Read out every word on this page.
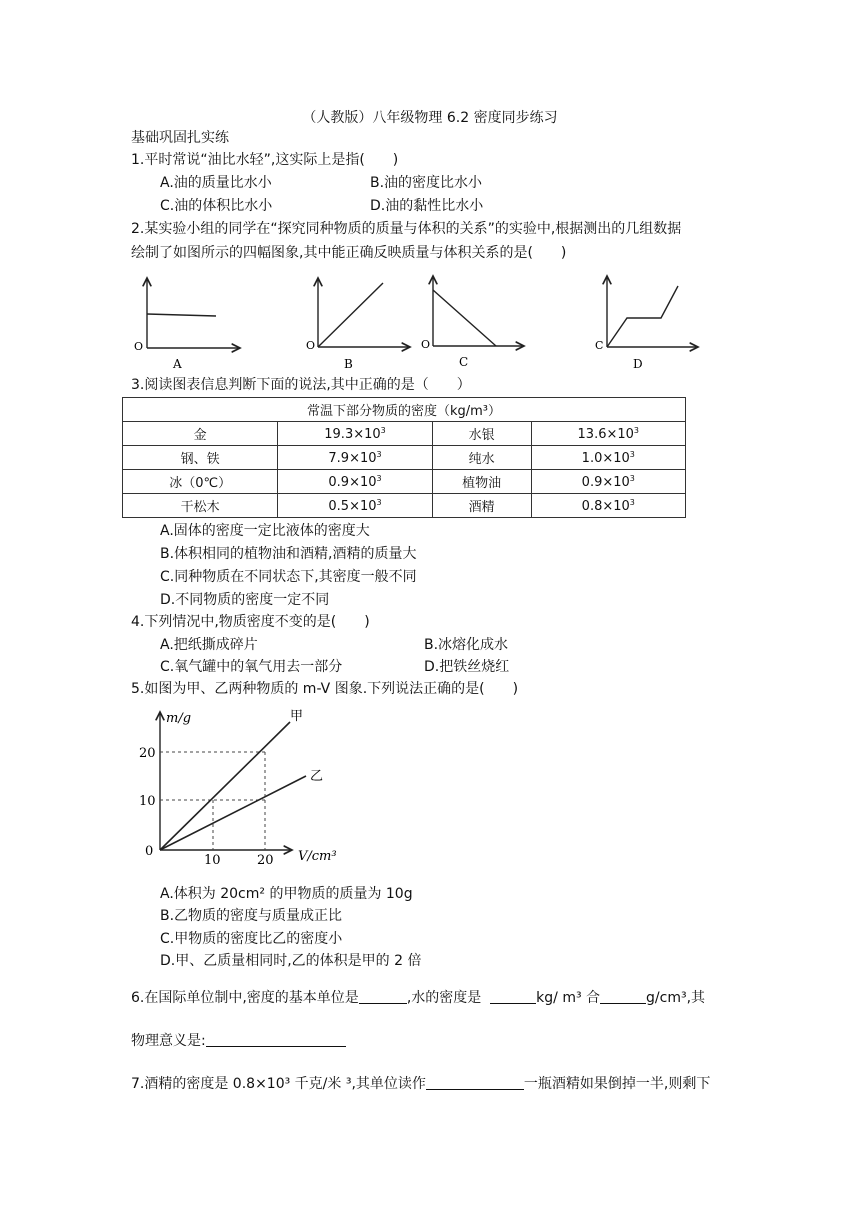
（人教版）八年级物理 6.2 密度同步练习
基础巩固扎实练
1.平时常说“油比水轻”,这实际上是指(　　)
A.油的质量比水小	B.油的密度比水小
C.油的体积比水小	D.油的黏性比水小
2.某实验小组的同学在“探究同种物质的质量与体积的关系”的实验中,根据测出的几组数据
绘制了如图所示的四幅图象,其中能正确反映质量与体积关系的是(　　)
O
A
O
B
O
C
C
D
3.阅读图表信息判断下面的说法,其中正确的是（　　）
常温下部分物质的密度（kg/m³）			
金	$19.3\times 10^3$	水银	$13.6\times 10^3$
钢、铁	$7.9\times 10^3$	纯水	$1.0\times 10^3$
冰（0℃）	$0.9\times 10^3$	植物油	$0.9\times 10^3$
干松木	$0.5\times 10^3$	酒精	$0.8\times 10^3$
A.固体的密度一定比液体的密度大
B.体积相同的植物油和酒精,酒精的质量大
C.同种物质在不同状态下,其密度一般不同
D.不同物质的密度一定不同
4.下列情况中,物质密度不变的是(　　)
A.把纸撕成碎片	B.冰熔化成水
C.氧气罐中的氧气用去一部分	D.把铁丝烧红
5.如图为甲、乙两种物质的 m-V 图象.下列说法正确的是(　　)
m/g
V/cm³
0
20
10
10	20
甲
乙
A.体积为 20cm² 的甲物质的质量为 10g
B.乙物质的密度与质量成正比
C.甲物质的密度比乙的密度小
D.甲、乙质量相同时,乙的体积是甲的 2 倍
6.在国际单位制中,密度的基本单位是	,水的密度是	kg/ m³ 合	g/cm³,其
物理意义是:
7.酒精的密度是 0.8×10³ 千克/米 ³,其单位读作	一瓶酒精如果倒掉一半,则剩下
